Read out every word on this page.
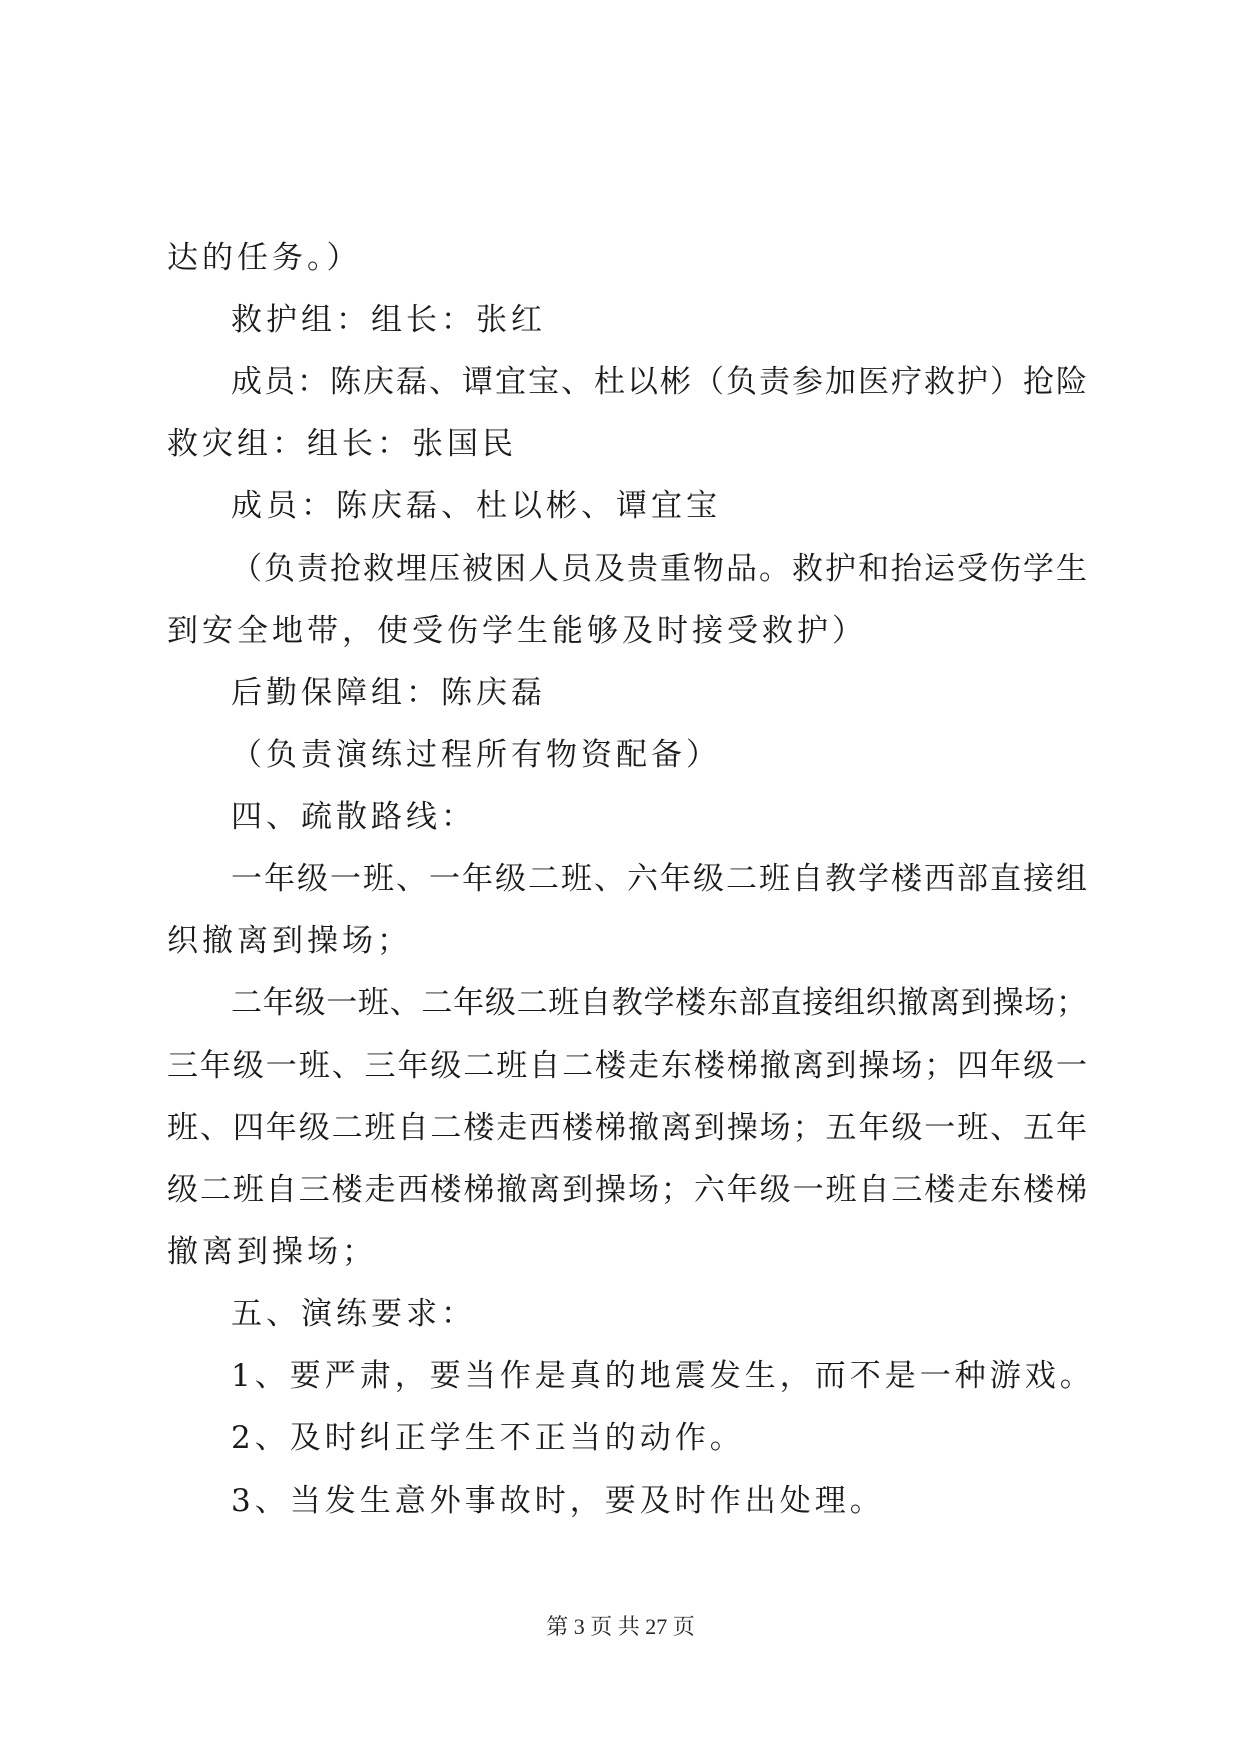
达的任务。）
救护组：组长：张红
成员：陈庆磊、谭宜宝、杜以彬（负责参加医疗救护）抢险
救灾组：组长：张国民
成员：陈庆磊、杜以彬、谭宜宝
（负责抢救埋压被困人员及贵重物品。救护和抬运受伤学生
到安全地带，使受伤学生能够及时接受救护）
后勤保障组：陈庆磊
（负责演练过程所有物资配备）
四、疏散路线：
一年级一班、一年级二班、六年级二班自教学楼西部直接组
织撤离到操场；
二年级一班、二年级二班自教学楼东部直接组织撤离到操场；
三年级一班、三年级二班自二楼走东楼梯撤离到操场；四年级一
班、四年级二班自二楼走西楼梯撤离到操场；五年级一班、五年
级二班自三楼走西楼梯撤离到操场；六年级一班自三楼走东楼梯
撤离到操场；
五、演练要求：
1、要严肃，要当作是真的地震发生，而不是一种游戏。
2、及时纠正学生不正当的动作。
3、当发生意外事故时，要及时作出处理。
第 3 页 共 27 页
